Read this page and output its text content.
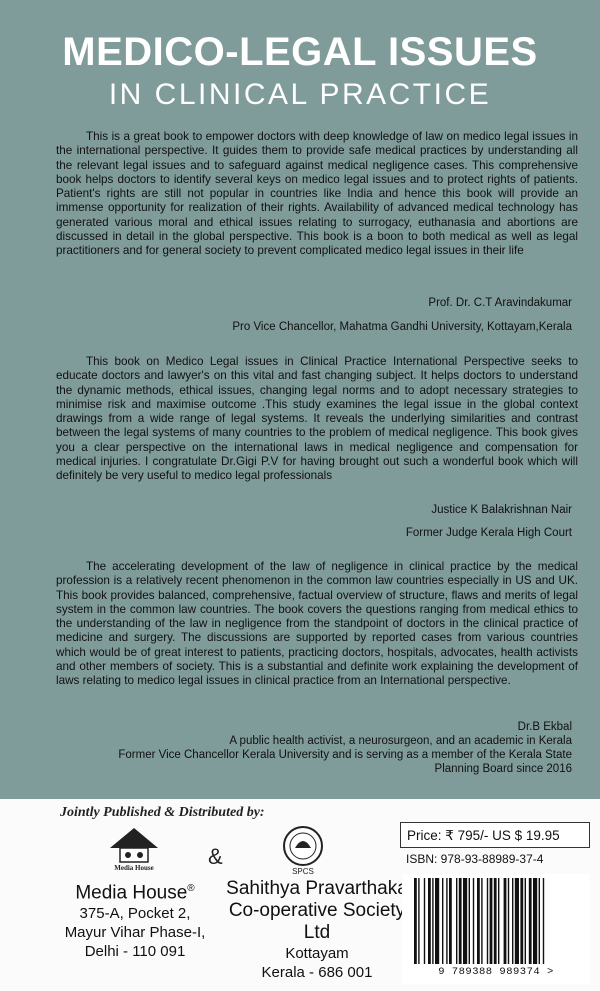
MEDICO-LEGAL ISSUES
IN CLINICAL PRACTICE

This is a great book to empower doctors with deep knowledge of law on medico legal issues in the international perspective. It guides them to provide safe medical practices by understanding all the relevant legal issues and to safeguard against medical negligence cases. This comprehensive book helps doctors to identify several keys on medico legal issues and to protect rights of patients. Patient's rights are still not popular in countries like India and hence this book will provide an immense opportunity for realization of their rights. Availability of advanced medical technology has generated various moral and ethical issues relating to surrogacy, euthanasia and abortions are discussed in detail in the global perspective. This book is a boon to both medical as well as legal practitioners and for general society to prevent complicated medico legal issues in their life

Prof. Dr. C.T Aravindakumar
Pro Vice Chancellor, Mahatma Gandhi University, Kottayam,Kerala

This book on Medico Legal issues in Clinical Practice International Perspective seeks to educate doctors and lawyer's on this vital and fast changing subject. It helps doctors to understand the dynamic methods, ethical issues, changing legal norms and to adopt necessary strategies to minimise risk and maximise outcome .This study examines the legal issue in the global context drawings from a wide range of legal systems. It reveals the underlying similarities and contrast between the legal systems of many countries to the problem of medical negligence. This book gives you a clear perspective on the international laws in medical negligence and compensation for medical injuries. I congratulate Dr.Gigi P.V for having brought out such a wonderful book which will definitely be very useful to medico legal professionals

Justice K Balakrishnan Nair
Former Judge Kerala High Court

The accelerating development of the law of negligence in clinical practice by the medical profession is a relatively recent phenomenon in the common law countries especially in US and UK. This book provides balanced, comprehensive, factual overview of structure, flaws and merits of legal system in the common law countries. The book covers the questions ranging from medical ethics to the understanding of the law in negligence from the standpoint of doctors in the clinical practice of medicine and surgery. The discussions are supported by reported cases from various countries which would be of great interest to patients, practicing doctors, hospitals, advocates, health activists and other members of society. This is a substantial and definite work explaining the development of laws relating to medico legal issues in clinical practice from an International perspective.

Dr.B Ekbal
A public health activist, a neurosurgeon, and an academic in Kerala
Former Vice Chancellor Kerala University and is serving as a member of the Kerala State
Planning Board since 2016
Jointly Published & Distributed by:
Media House &
SPCS
Media House®
375-A, Pocket 2,
Mayur Vihar Phase-I,
Delhi - 110 091
Sahithya Pravarthaka
Co-operative Society Ltd
Kottayam
Kerala - 686 001
Price: ₹ 795/- US $ 19.95
ISBN: 978-93-88989-37-4
9 789388 989374 >
